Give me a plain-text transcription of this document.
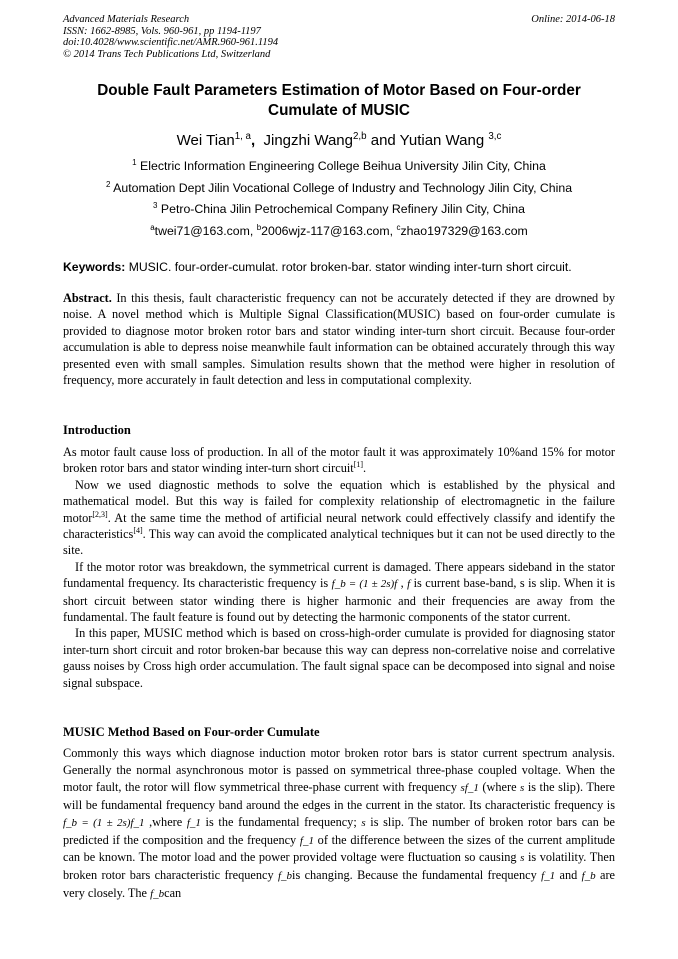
Advanced Materials Research
ISSN: 1662-8985, Vols. 960-961, pp 1194-1197
doi:10.4028/www.scientific.net/AMR.960-961.1194
© 2014 Trans Tech Publications Ltd, Switzerland
Online: 2014-06-18
Double Fault Parameters Estimation of Motor Based on Four-order Cumulate of MUSIC
Wei Tian$^{1, a}$, Jingzhi Wang$^{2,b}$ and Yutian Wang $^{3,c}$
$^1$ Electric Information Engineering College Beihua University Jilin City, China
$^2$ Automation Dept Jilin Vocational College of Industry and Technology Jilin City, China
$^3$ Petro-China Jilin Petrochemical Company Refinery Jilin City, China
$^a$twei71@163.com, $^b$2006wjz-117@163.com, $^c$zhao197329@163.com
Keywords: MUSIC. four-order-cumulat. rotor broken-bar. stator winding inter-turn short circuit.

Abstract. In this thesis, fault characteristic frequency can not be accurately detected if they are drowned by noise. A novel method which is Multiple Signal Classification(MUSIC) based on four-order cumulate is provided to diagnose motor broken rotor bars and stator winding inter-turn short circuit. Because four-order accumulation is able to depress noise meanwhile fault information can be obtained accurately through this way presented even with small samples. Simulation results shown that the method were higher in resolution of frequency, more accurately in fault detection and less in computational complexity.

Introduction

As motor fault cause loss of production. In all of the motor fault it was approximately 10%and 15% for motor broken rotor bars and stator winding inter-turn short circuit[1].

Now we used diagnostic methods to solve the equation which is established by the physical and mathematical model. But this way is failed for complexity relationship of electromagnetic in the failure motor[2,3]. At the same time the method of artificial neural network could effectively classify and identify the characteristics[4]. This way can avoid the complicated analytical techniques but it can not be used directly to the site.

If the motor rotor was breakdown, the symmetrical current is damaged. There appears sideband in the stator fundamental frequency. Its characteristic frequency is f_b = (1 ± 2s)f , f is current base-band, s is slip. When it is short circuit between stator winding there is higher harmonic and their frequencies are away from the fundamental. The fault feature is found out by detecting the harmonic components of the stator current.

In this paper, MUSIC method which is based on cross-high-order cumulate is provided for diagnosing stator inter-turn short circuit and rotor broken-bar because this way can depress non-correlative noise and correlative gauss noises by Cross high order accumulation. The fault signal space can be decomposed into signal and noise signal subspace.

MUSIC Method Based on Four-order Cumulate

Commonly this ways which diagnose induction motor broken rotor bars is stator current spectrum analysis. Generally the normal asynchronous motor is passed on symmetrical three-phase coupled voltage. When the motor fault, the rotor will flow symmetrical three-phase current with frequency sf_1 (where s is the slip). There will be fundamental frequency band around the edges in the current in the stator. Its characteristic frequency is f_b = (1 ± 2s)f_1 ,where f_1 is the fundamental frequency; s is slip. The number of broken rotor bars can be predicted if the composition and the frequency f_1 of the difference between the sizes of the current amplitude can be known. The motor load and the power provided voltage were fluctuation so causing s is volatility. Then broken rotor bars characteristic frequency f_bis changing. Because the fundamental frequency f_1 and f_b are very closely. The f_bcan
